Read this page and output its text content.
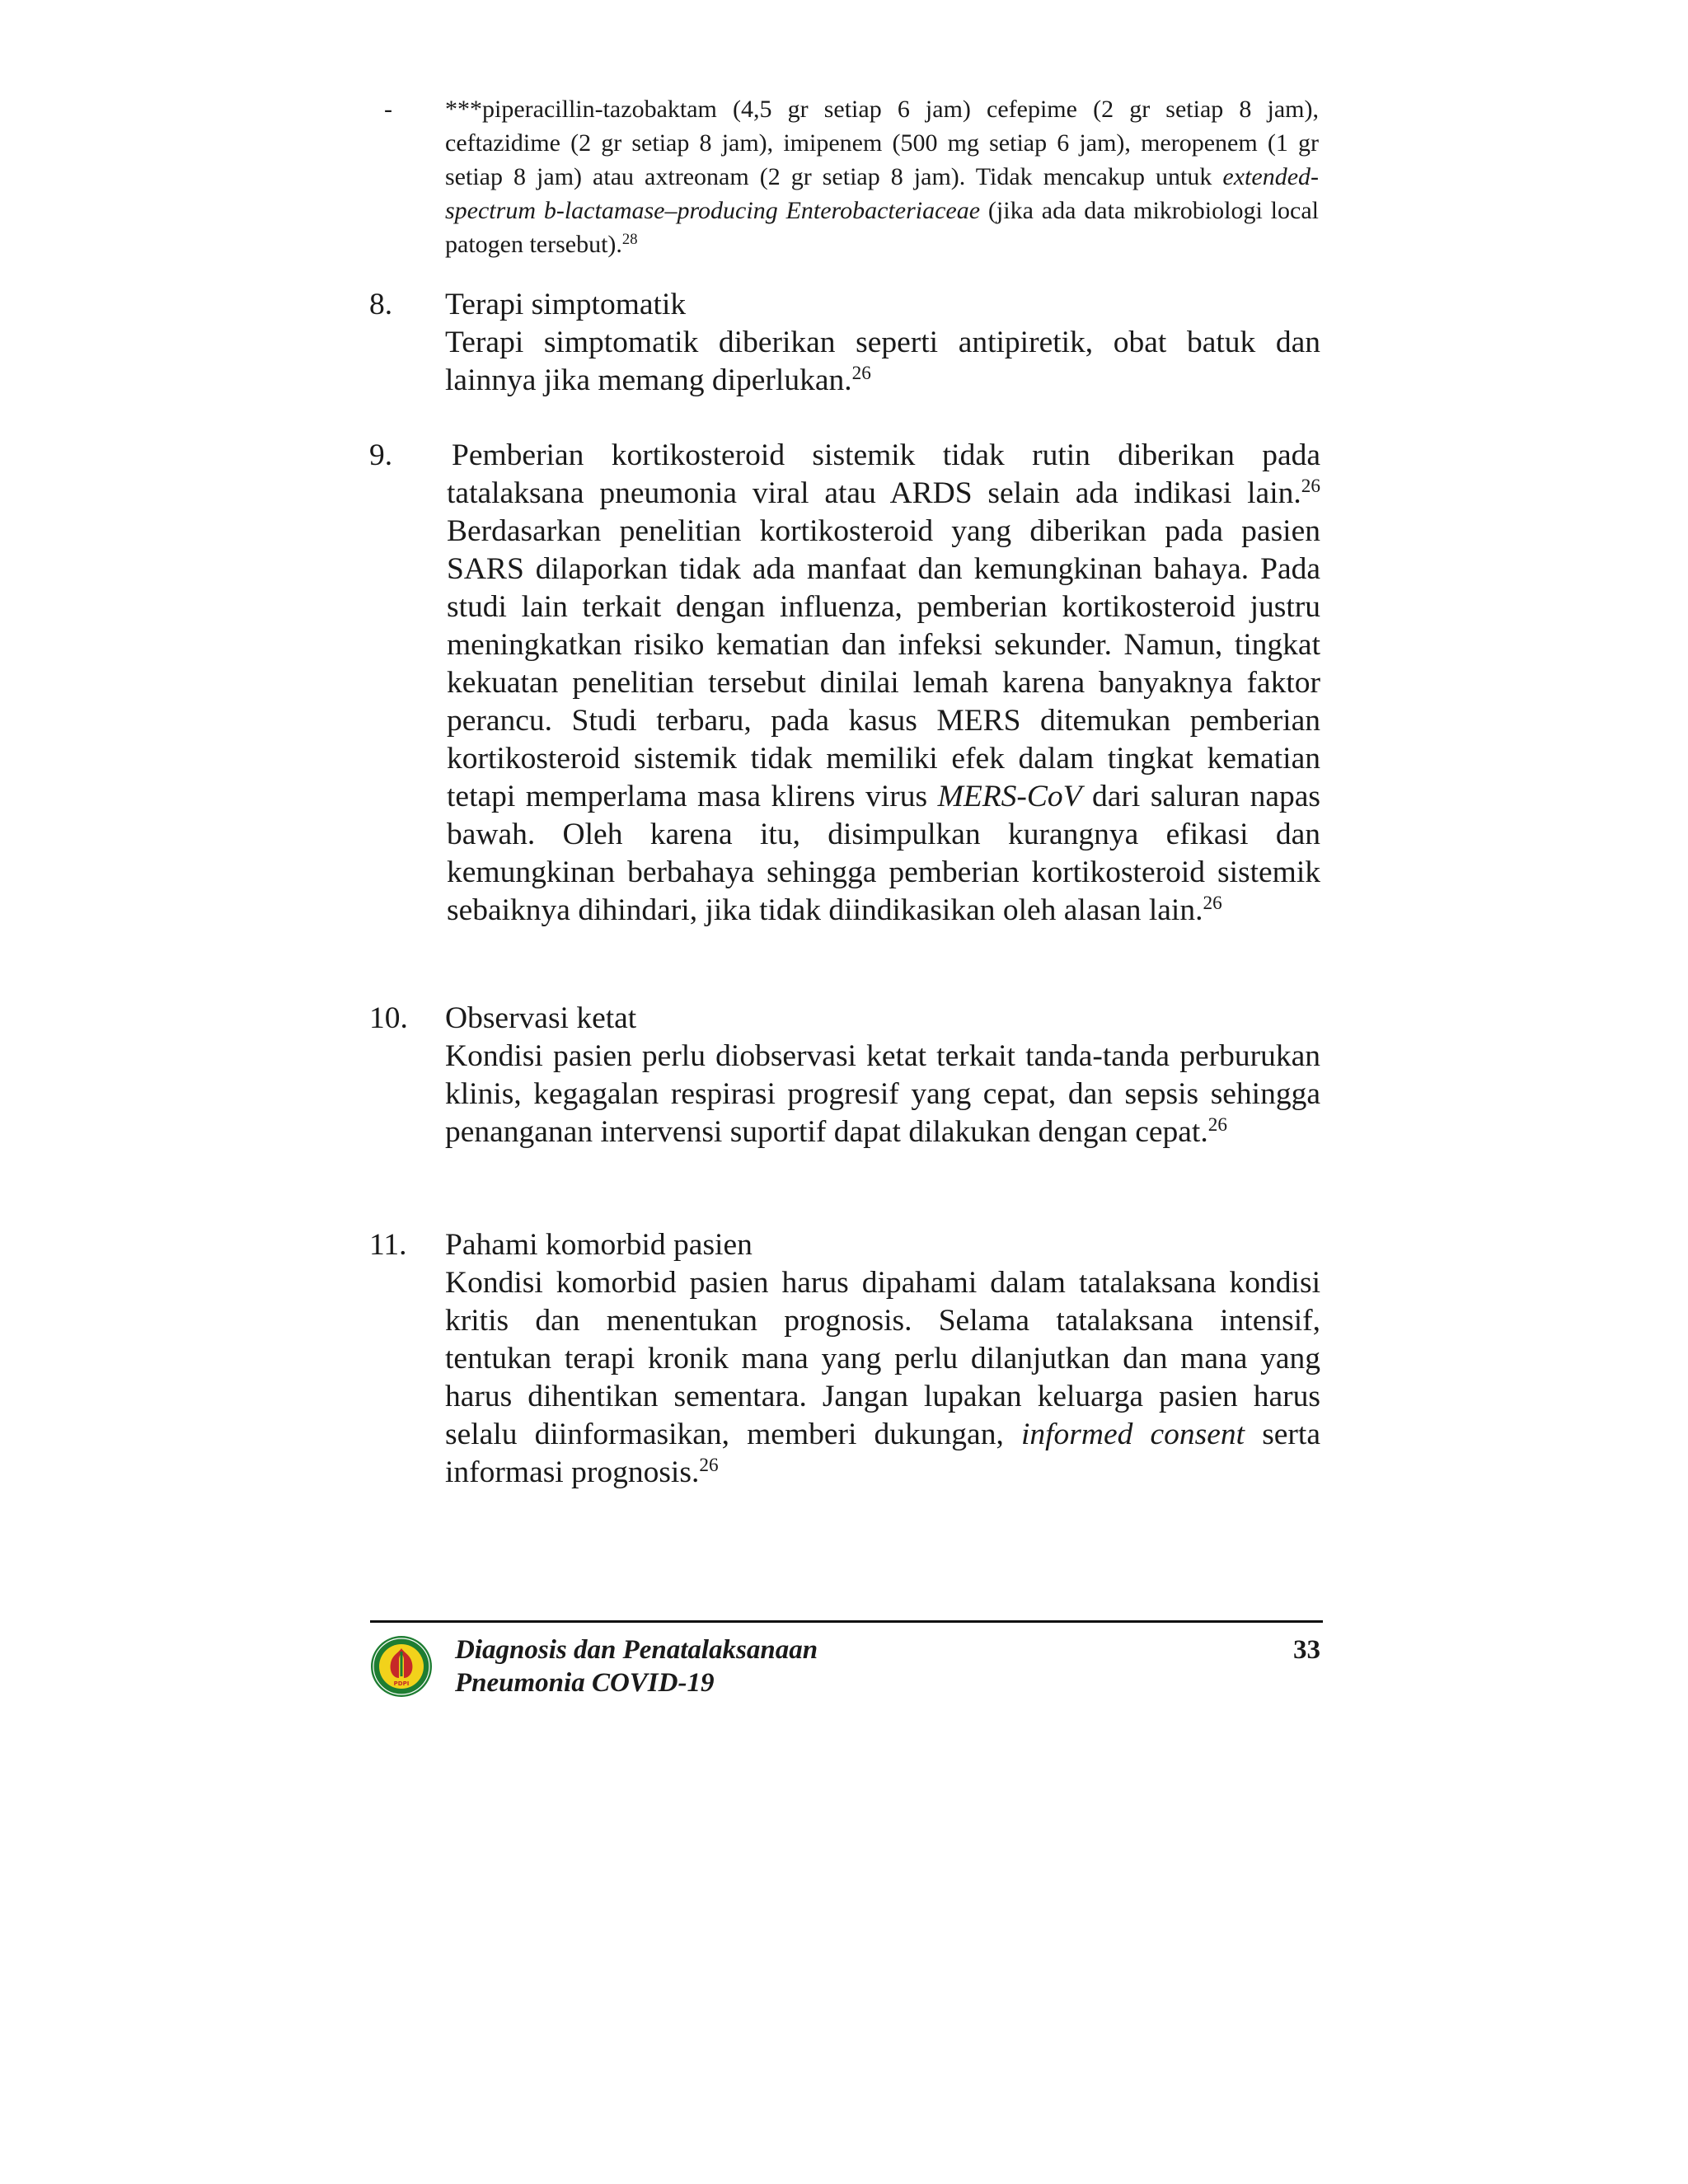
- ***piperacillin-tazobaktam (4,5 gr setiap 6 jam) cefepime (2 gr setiap 8 jam), ceftazidime (2 gr setiap 8 jam), imipenem (500 mg setiap 6 jam), meropenem (1 gr setiap 8 jam) atau axtreonam (2 gr setiap 8 jam). Tidak mencakup untuk extended-spectrum b-lactamase–producing Enterobacteriaceae (jika ada data mikrobiologi local patogen tersebut).$^{28}$
8. Terapi simptomatik
Terapi simptomatik diberikan seperti antipiretik, obat batuk dan lainnya jika memang diperlukan.$^{26}$
9. Pemberian kortikosteroid sistemik tidak rutin diberikan pada
tatalaksana pneumonia viral atau ARDS selain ada indikasi lain.$^{26}$ Berdasarkan penelitian kortikosteroid yang diberikan pada pasien SARS dilaporkan tidak ada manfaat dan kemungkinan bahaya. Pada studi lain terkait dengan influenza, pemberian kortikosteroid justru meningkatkan risiko kematian dan infeksi sekunder. Namun, tingkat kekuatan penelitian tersebut dinilai lemah karena banyaknya faktor perancu. Studi terbaru, pada kasus MERS ditemukan pemberian kortikosteroid sistemik tidak memiliki efek dalam tingkat kematian tetapi memperlama masa klirens virus MERS-CoV dari saluran napas bawah. Oleh karena itu, disimpulkan kurangnya efikasi dan kemungkinan berbahaya sehingga pemberian kortikosteroid sistemik sebaiknya dihindari, jika tidak diindikasikan oleh alasan lain.$^{26}$
10. Observasi ketat
Kondisi pasien perlu diobservasi ketat terkait tanda-tanda perburukan klinis, kegagalan respirasi progresif yang cepat, dan sepsis sehingga penanganan intervensi suportif dapat dilakukan dengan cepat.$^{26}$
11. Pahami komorbid pasien
Kondisi komorbid pasien harus dipahami dalam tatalaksana kondisi kritis dan menentukan prognosis. Selama tatalaksana intensif, tentukan terapi kronik mana yang perlu dilanjutkan dan mana yang harus dihentikan sementara. Jangan lupakan keluarga pasien harus selalu diinformasikan, memberi dukungan, informed consent serta informasi prognosis.$^{26}$
PDPI
Diagnosis dan Penatalaksanaan
Pneumonia COVID-19
33
